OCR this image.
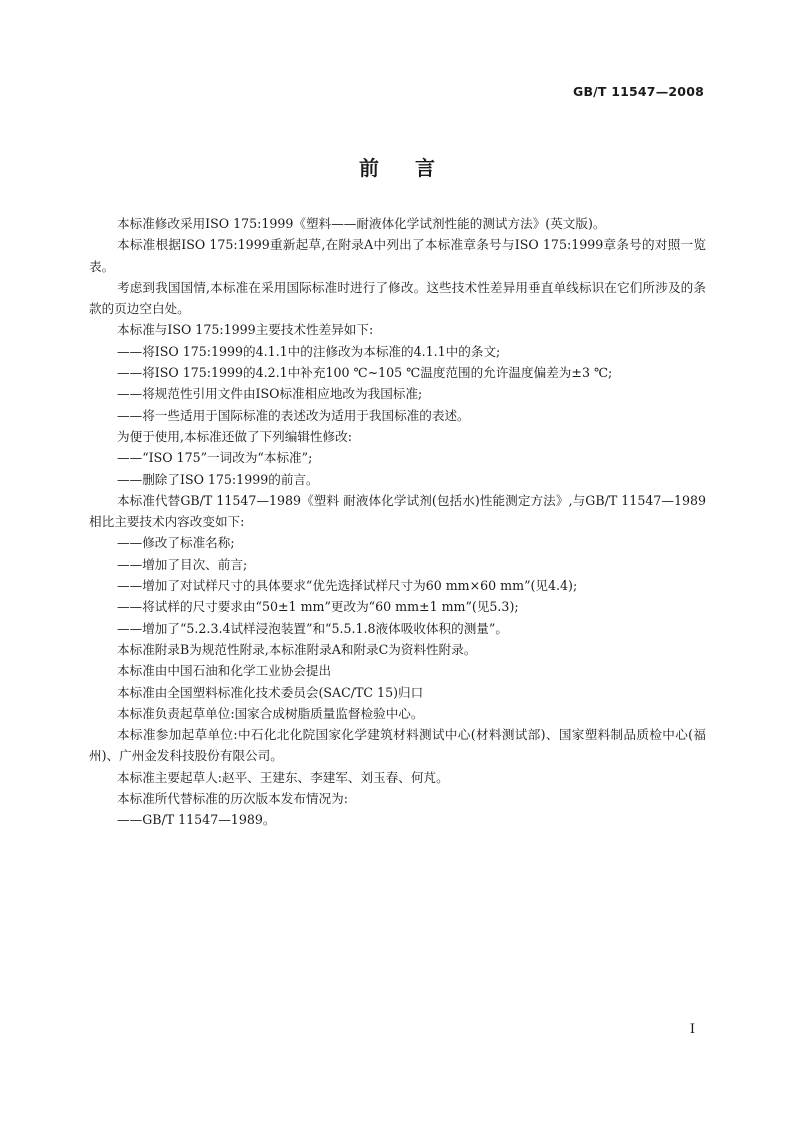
GB/T 11547—2008
前言

本标准修改采用ISO 175:1999《塑料——耐液体化学试剂性能的测试方法》(英文版)。

本标准根据ISO 175:1999重新起草,在附录A中列出了本标准章条号与ISO 175:1999章条号的对照一览表。

考虑到我国国情,本标准在采用国际标准时进行了修改。这些技术性差异用垂直单线标识在它们所涉及的条款的页边空白处。

本标准与ISO 175:1999主要技术性差异如下:

——将ISO 175:1999的4.1.1中的注修改为本标准的4.1.1中的条文;

——将ISO 175:1999的4.2.1中补充100 ℃~105 ℃温度范围的允许温度偏差为±3 ℃;

——将规范性引用文件由ISO标准相应地改为我国标准;

——将一些适用于国际标准的表述改为适用于我国标准的表述。

为便于使用,本标准还做了下列编辑性修改:

——“ISO 175”一词改为“本标准”;

——删除了ISO 175:1999的前言。

本标准代替GB/T 11547—1989《塑料 耐液体化学试剂(包括水)性能测定方法》,与GB/T 11547—1989相比主要技术内容改变如下:

——修改了标准名称;

——增加了目次、前言;

——增加了对试样尺寸的具体要求“优先选择试样尺寸为60 mm×60 mm”(见4.4);

——将试样的尺寸要求由“50±1 mm”更改为“60 mm±1 mm”(见5.3);

——增加了“5.2.3.4试样浸泡装置”和“5.5.1.8液体吸收体积的测量”。

本标准附录B为规范性附录,本标准附录A和附录C为资料性附录。

本标准由中国石油和化学工业协会提出

本标准由全国塑料标准化技术委员会(SAC/TC 15)归口

本标准负责起草单位:国家合成树脂质量监督检验中心。

本标准参加起草单位:中石化北化院国家化学建筑材料测试中心(材料测试部)、国家塑料制品质检中心(福州)、广州金发科技股份有限公司。

本标准主要起草人:赵平、王建东、李建军、刘玉春、何芃。

本标准所代替标准的历次版本发布情况为:

——GB/T 11547—1989。

I
